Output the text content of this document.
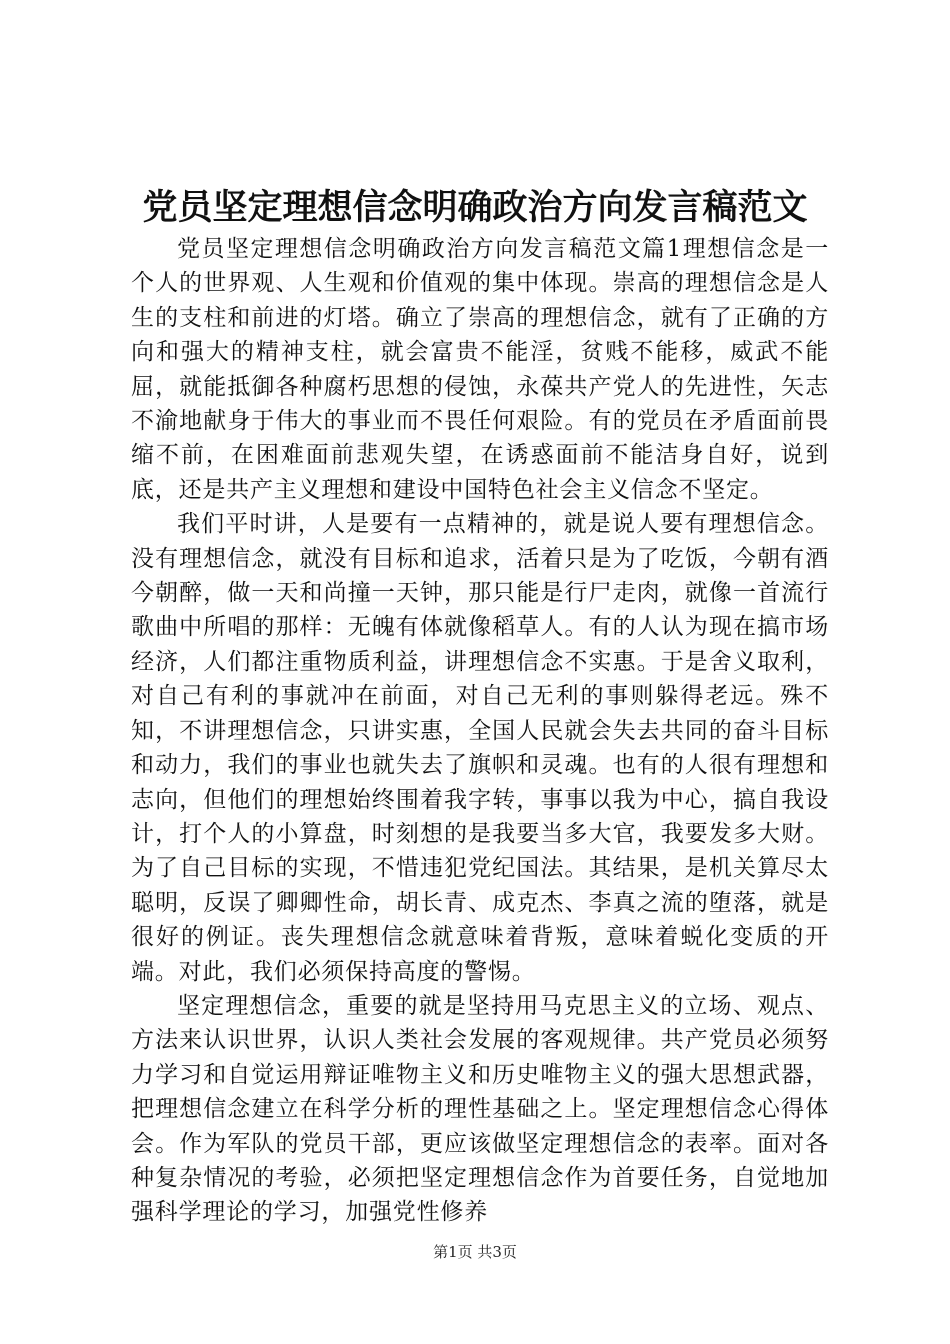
党员坚定理想信念明确政治方向发言稿范文

党员坚定理想信念明确政治方向发言稿范文篇1理想信念是一个人的世界观、人生观和价值观的集中体现。崇高的理想信念是人生的支柱和前进的灯塔。确立了崇高的理想信念，就有了正确的方向和强大的精神支柱，就会富贵不能淫，贫贱不能移，威武不能屈，就能抵御各种腐朽思想的侵蚀，永葆共产党人的先进性，矢志不渝地献身于伟大的事业而不畏任何艰险。有的党员在矛盾面前畏缩不前，在困难面前悲观失望，在诱惑面前不能洁身自好，说到底，还是共产主义理想和建设中国特色社会主义信念不坚定。

我们平时讲，人是要有一点精神的，就是说人要有理想信念。没有理想信念，就没有目标和追求，活着只是为了吃饭，今朝有酒今朝醉，做一天和尚撞一天钟，那只能是行尸走肉，就像一首流行歌曲中所唱的那样：无魄有体就像稻草人。有的人认为现在搞市场经济，人们都注重物质利益，讲理想信念不实惠。于是舍义取利，对自己有利的事就冲在前面，对自己无利的事则躲得老远。殊不知，不讲理想信念，只讲实惠，全国人民就会失去共同的奋斗目标和动力，我们的事业也就失去了旗帜和灵魂。也有的人很有理想和志向，但他们的理想始终围着我字转，事事以我为中心，搞自我设计，打个人的小算盘，时刻想的是我要当多大官，我要发多大财。为了自己目标的实现，不惜违犯党纪国法。其结果，是机关算尽太聪明，反误了卿卿性命，胡长青、成克杰、李真之流的堕落，就是很好的例证。丧失理想信念就意味着背叛，意味着蜕化变质的开端。对此，我们必须保持高度的警惕。

坚定理想信念，重要的就是坚持用马克思主义的立场、观点、方法来认识世界，认识人类社会发展的客观规律。共产党员必须努力学习和自觉运用辩证唯物主义和历史唯物主义的强大思想武器，把理想信念建立在科学分析的理性基础之上。坚定理想信念心得体会。作为军队的党员干部，更应该做坚定理想信念的表率。面对各种复杂情况的考验，必须把坚定理想信念作为首要任务，自觉地加强科学理论的学习，加强党性修养

第1页 共3页
